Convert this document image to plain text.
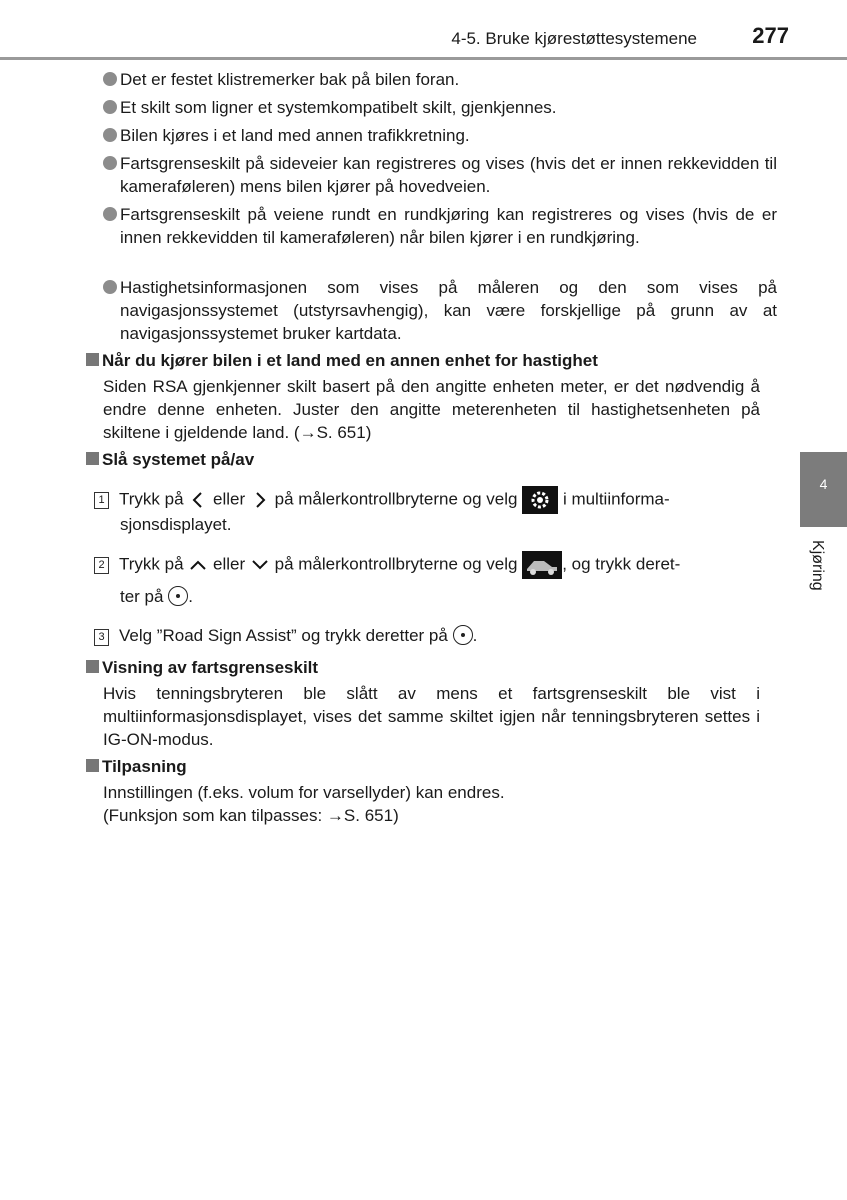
4-5. Bruke kjørestøttesystemene	277
4
Kjøring
Det er festet klistremerker bak på bilen foran.
Et skilt som ligner et systemkompatibelt skilt, gjenkjennes.
Bilen kjøres i et land med annen trafikkretning.
Fartsgrenseskilt på sideveier kan registreres og vises (hvis det er innen rekkevidden til kameraføleren) mens bilen kjører på hovedveien.
Fartsgrenseskilt på veiene rundt en rundkjøring kan registreres og vises (hvis de er innen rekkevidden til kameraføleren) når bilen kjører i en rundkjøring.
Hastighetsinformasjonen som vises på måleren og den som vises på navigasjonssystemet (utstyrsavhengig), kan være forskjellige på grunn av at navigasjonssystemet bruker kartdata.
Når du kjører bilen i et land med en annen enhet for hastighet
Siden RSA gjenkjenner skilt basert på den angitte enheten meter, er det nødvendig å endre denne enheten. Juster den angitte meterenheten til hastighetsenheten på skiltene i gjeldende land. (→S. 651)
Slå systemet på/av
1 Trykk på eller på målerkontrollbryterne og velg	i multiinforma-
sjonsdisplayet.
2 Trykk på eller på målerkontrollbryterne og velg	, og trykk deret-
ter på .
3 Velg ”Road Sign Assist” og trykk deretter på .
Visning av fartsgrenseskilt
Hvis tenningsbryteren ble slått av mens et fartsgrenseskilt ble vist i multiinformasjonsdisplayet, vises det samme skiltet igjen når tenningsbryteren settes i IG-ON-modus.
Tilpasning
Innstillingen (f.eks. volum for varsellyder) kan endres.
(Funksjon som kan tilpasses: →S. 651)
